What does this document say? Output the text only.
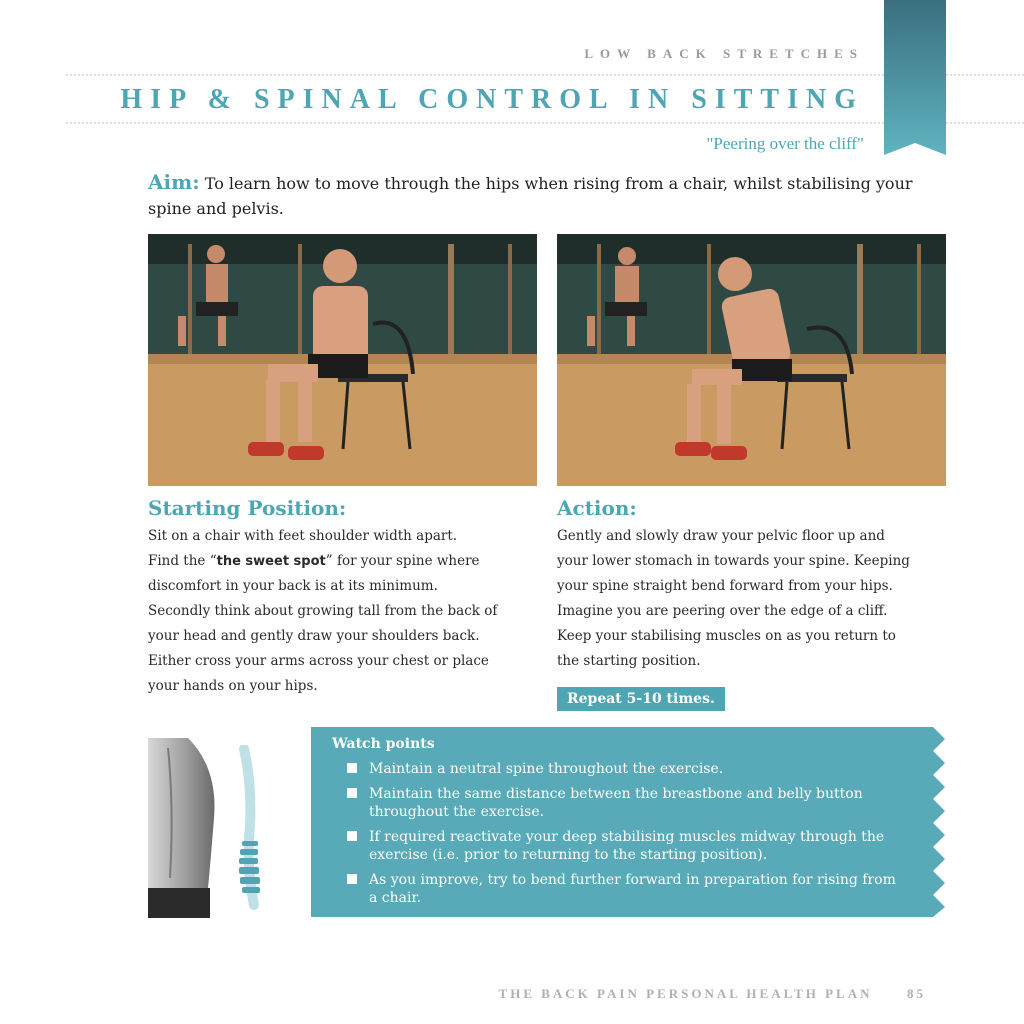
LOW BACK STRETCHES
HIP & SPINAL CONTROL IN SITTING
"Peering over the cliff"
Aim: To learn how to move through the hips when rising from a chair, whilst stabilising your spine and pelvis.
Starting Position:
Sit on a chair with feet shoulder width apart.
Find the “the sweet spot” for your spine where
discomfort in your back is at its minimum.
Secondly think about growing tall from the back of
your head and gently draw your shoulders back.
Either cross your arms across your chest or place
your hands on your hips.
Action:
Gently and slowly draw your pelvic floor up and
your lower stomach in towards your spine. Keeping
your spine straight bend forward from your hips.
Imagine you are peering over the edge of a cliff.
Keep your stabilising muscles on as you return to
the starting position.
Repeat 5-10 times.
Watch points
Maintain a neutral spine throughout the exercise.
Maintain the same distance between the breastbone and belly button throughout the exercise.
If required reactivate your deep stabilising muscles midway through the exercise (i.e. prior to returning to the starting position).
As you improve, try to bend further forward in preparation for rising from a chair.
THE BACK PAIN PERSONAL HEALTH PLAN	85
